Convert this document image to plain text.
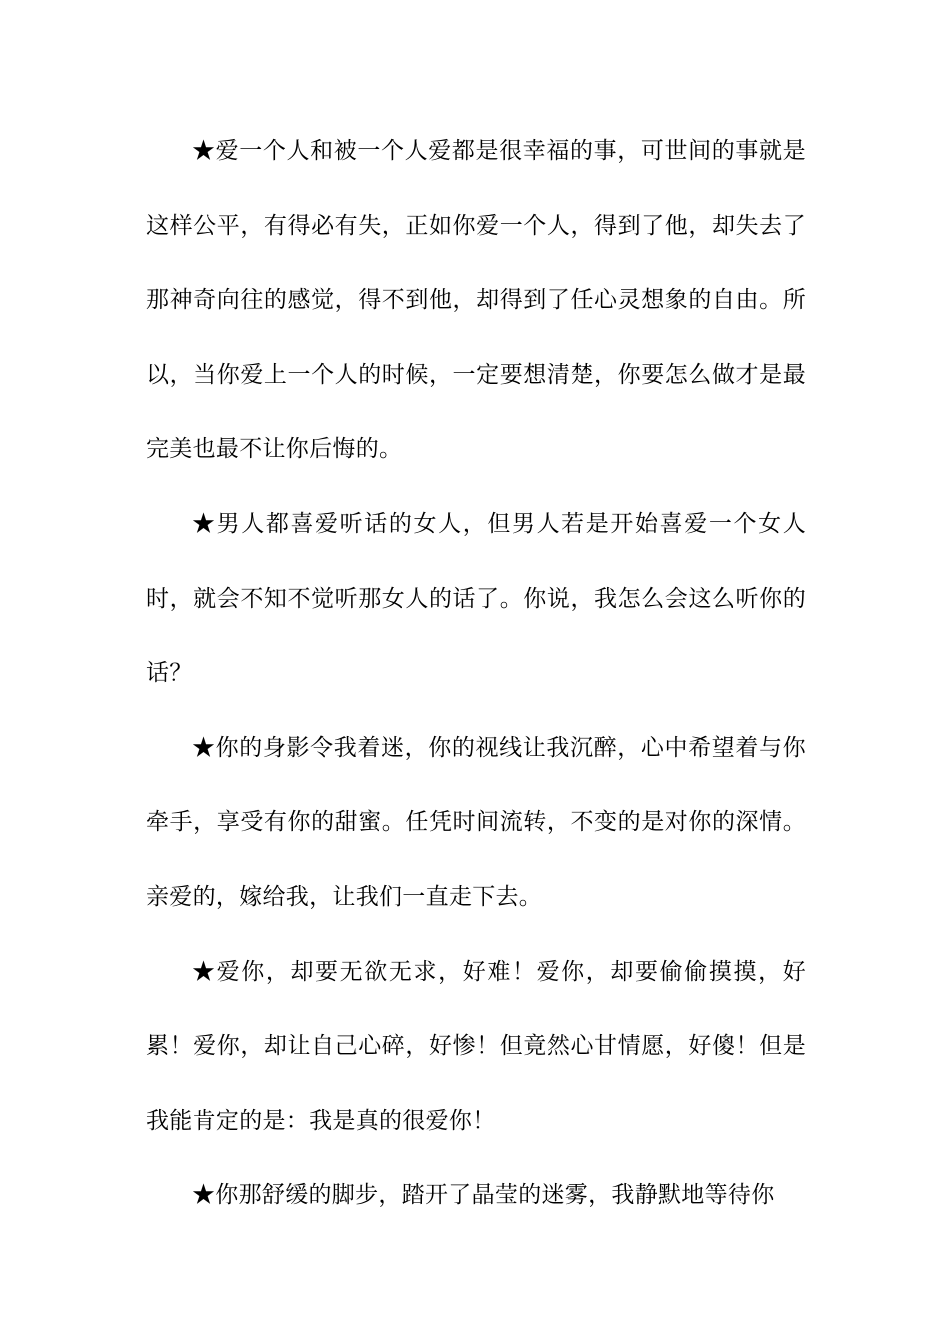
★爱一个人和被一个人爱都是很幸福的事，可世间的事就是这样公平，有得必有失，正如你爱一个人，得到了他，却失去了那神奇向往的感觉，得不到他，却得到了任心灵想象的自由。所以，当你爱上一个人的时候，一定要想清楚，你要怎么做才是最完美也最不让你后悔的。

★男人都喜爱听话的女人，但男人若是开始喜爱一个女人时，就会不知不觉听那女人的话了。你说，我怎么会这么听你的话？

★你的身影令我着迷，你的视线让我沉醉，心中希望着与你牵手，享受有你的甜蜜。任凭时间流转，不变的是对你的深情。亲爱的，嫁给我，让我们一直走下去。

★爱你，却要无欲无求，好难！爱你，却要偷偷摸摸，好累！爱你，却让自己心碎，好惨！但竟然心甘情愿，好傻！但是我能肯定的是：我是真的很爱你！

★你那舒缓的脚步，踏开了晶莹的迷雾，我静默地等待你
